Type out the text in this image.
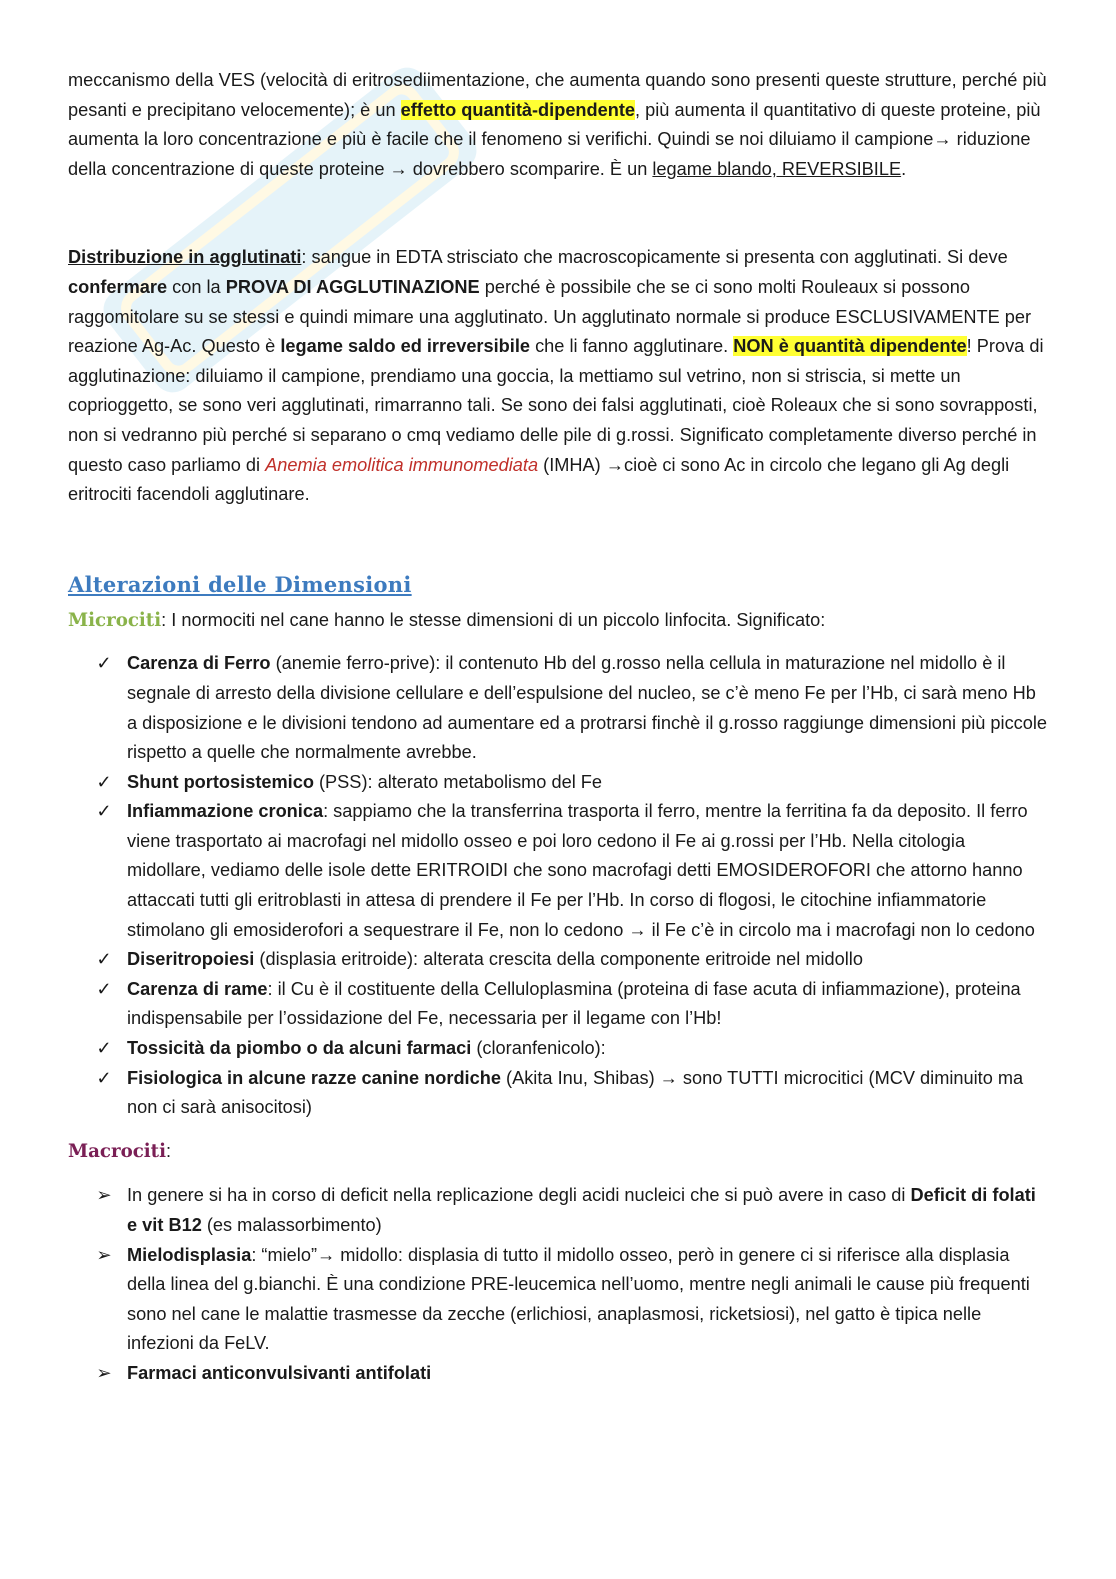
meccanismo della VES (velocità di eritrosediimentazione, che aumenta quando sono presenti queste strutture, perché più pesanti e precipitano velocemente); è un effetto quantità-dipendente, più aumenta il quantitativo di queste proteine, più aumenta la loro concentrazione e più è facile che il fenomeno si verifichi. Quindi se noi diluiamo il campione→ riduzione della concentrazione di queste proteine → dovrebbero scomparire. È un legame blando, REVERSIBILE.

Distribuzione in agglutinati: sangue in EDTA strisciato che macroscopicamente si presenta con agglutinati. Si deve confermare con la PROVA DI AGGLUTINAZIONE perché è possibile che se ci sono molti Rouleaux si possono raggomitolare su se stessi e quindi mimare una agglutinato. Un agglutinato normale si produce ESCLUSIVAMENTE per reazione Ag-Ac. Questo è legame saldo ed irreversibile che li fanno agglutinare. NON è quantità dipendente! Prova di agglutinazione: diluiamo il campione, prendiamo una goccia, la mettiamo sul vetrino, non si striscia, si mette un coprioggetto, se sono veri agglutinati, rimarranno tali. Se sono dei falsi agglutinati, cioè Roleaux che si sono sovrapposti, non si vedranno più perché si separano o cmq vediamo delle pile di g.rossi. Significato completamente diverso perché in questo caso parliamo di Anemia emolitica immunomediata (IMHA) →cioè ci sono Ac in circolo che legano gli Ag degli eritrociti facendoli agglutinare.

Alterazioni delle Dimensioni

Microciti: I normociti nel cane hanno le stesse dimensioni di un piccolo linfocita. Significato:

✓ Carenza di Ferro (anemie ferro-prive): il contenuto Hb del g.rosso nella cellula in maturazione nel midollo è il segnale di arresto della divisione cellulare e dell’espulsione del nucleo, se c’è meno Fe per l’Hb, ci sarà meno Hb a disposizione e le divisioni tendono ad aumentare ed a protrarsi finchè il g.rosso raggiunge dimensioni più piccole rispetto a quelle che normalmente avrebbe.
✓ Shunt portosistemico (PSS): alterato metabolismo del Fe
✓ Infiammazione cronica: sappiamo che la transferrina trasporta il ferro, mentre la ferritina fa da deposito. Il ferro viene trasportato ai macrofagi nel midollo osseo e poi loro cedono il Fe ai g.rossi per l’Hb. Nella citologia midollare, vediamo delle isole dette ERITROIDI che sono macrofagi detti EMOSIDEROFORI che attorno hanno attaccati tutti gli eritroblasti in attesa di prendere il Fe per l’Hb. In corso di flogosi, le citochine infiammatorie stimolano gli emosiderofori a sequestrare il Fe, non lo cedono → il Fe c’è in circolo ma i macrofagi non lo cedono
✓ Diseritropoiesi (displasia eritroide): alterata crescita della componente eritroide nel midollo
✓ Carenza di rame: il Cu è il costituente della Celluloplasmina (proteina di fase acuta di infiammazione), proteina indispensabile per l’ossidazione del Fe, necessaria per il legame con l’Hb!
✓ Tossicità da piombo o da alcuni farmaci (cloranfenicolo):
✓ Fisiologica in alcune razze canine nordiche (Akita Inu, Shibas) → sono TUTTI microcitici (MCV diminuito ma non ci sarà anisocitosi)

Macrociti:

➢ In genere si ha in corso di deficit nella replicazione degli acidi nucleici che si può avere in caso di Deficit di folati e vit B12 (es malassorbimento)
➢ Mielodisplasia: “mielo”→ midollo: displasia di tutto il midollo osseo, però in genere ci si riferisce alla displasia della linea del g.bianchi. È una condizione PRE-leucemica nell’uomo, mentre negli animali le cause più frequenti sono nel cane le malattie trasmesse da zecche (erlichiosi, anaplasmosi, ricketsiosi), nel gatto è tipica nelle infezioni da FeLV.
➢ Farmaci anticonvulsivanti antifolati
